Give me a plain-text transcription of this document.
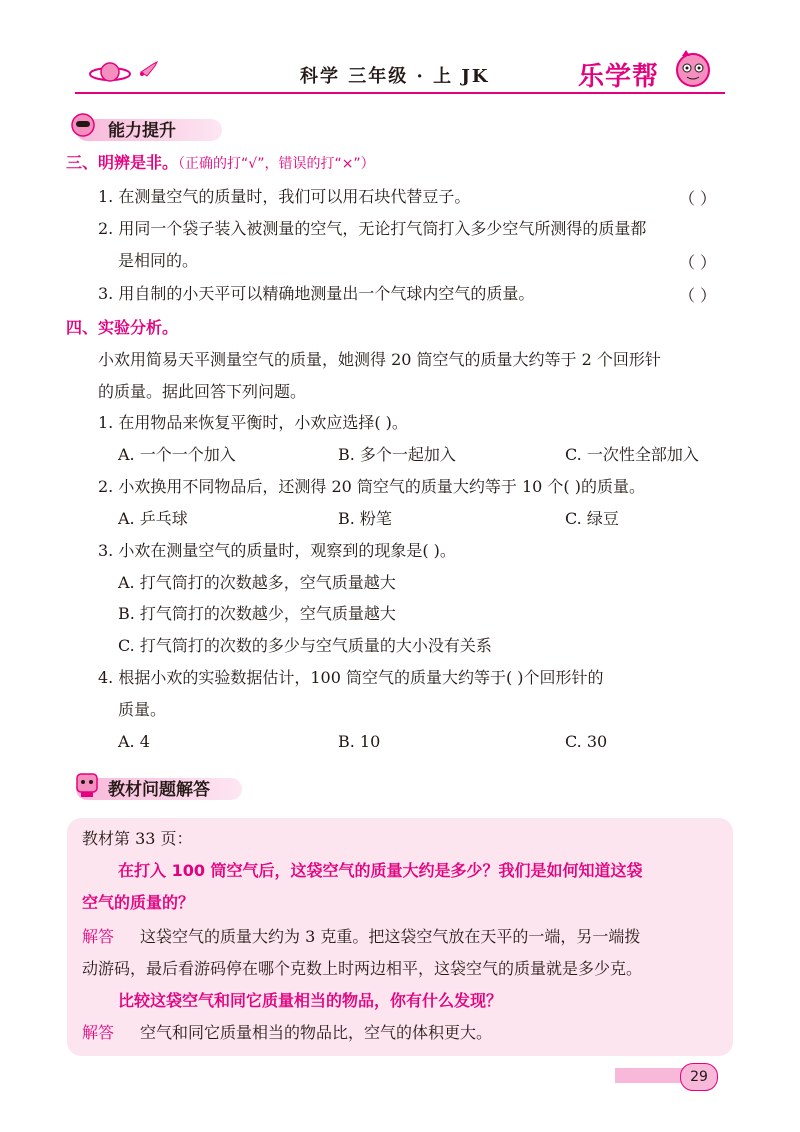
科学 三年级 · 上 JK	乐学帮
能力提升
三、明辨是非。（正确的打“√”，错误的打“×”）
1. 在测量空气的质量时，我们可以用石块代替豆子。	（ ）
2. 用同一个袋子装入被测量的空气，无论打气筒打入多少空气所测得的质量都
是相同的。	（ ）
3. 用自制的小天平可以精确地测量出一个气球内空气的质量。	（ ）
四、实验分析。
小欢用简易天平测量空气的质量，她测得 20 筒空气的质量大约等于 2 个回形针
的质量。据此回答下列问题。
1. 在用物品来恢复平衡时，小欢应选择( )。
A. 一个一个加入	B. 多个一起加入	C. 一次性全部加入
2. 小欢换用不同物品后，还测得 20 筒空气的质量大约等于 10 个( )的质量。
A. 乒乓球	B. 粉笔	C. 绿豆
3. 小欢在测量空气的质量时，观察到的现象是( )。
A. 打气筒打的次数越多，空气质量越大
B. 打气筒打的次数越少，空气质量越大
C. 打气筒打的次数的多少与空气质量的大小没有关系
4. 根据小欢的实验数据估计，100 筒空气的质量大约等于( )个回形针的
质量。
A. 4	B. 10	C. 30
教材问题解答
教材第 33 页：
在打入 100 筒空气后，这袋空气的质量大约是多少？我们是如何知道这袋
空气的质量的？
解答 这袋空气的质量大约为 3 克重。把这袋空气放在天平的一端，另一端拨
动游码，最后看游码停在哪个克数上时两边相平，这袋空气的质量就是多少克。
比较这袋空气和同它质量相当的物品，你有什么发现？
解答 空气和同它质量相当的物品比，空气的体积更大。
29
